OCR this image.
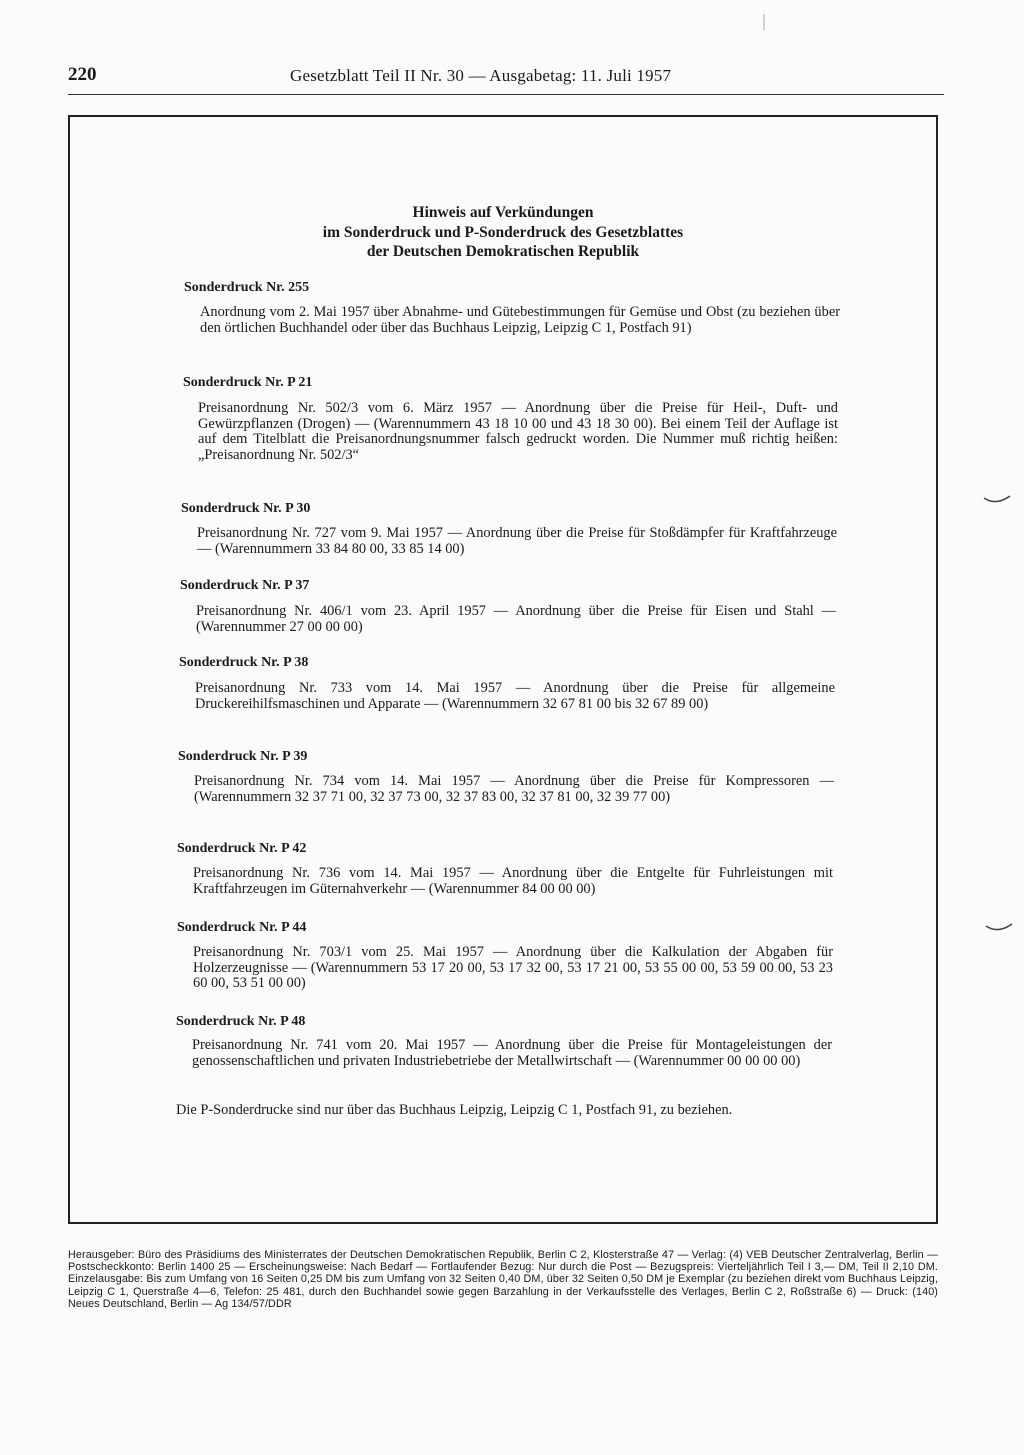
220	Gesetzblatt Teil II Nr. 30 — Ausgabetag: 11. Juli 1957
Hinweis auf Verkündungen
im Sonderdruck und P-Sonderdruck des Gesetzblattes
der Deutschen Demokratischen Republik
Sonderdruck Nr. 255
Anordnung vom 2. Mai 1957 über Abnahme- und Gütebestimmungen für Gemüse und Obst (zu beziehen über den örtlichen Buchhandel oder über das Buchhaus Leipzig, Leipzig C 1, Postfach 91)
Sonderdruck Nr. P 21
Preisanordnung Nr. 502/3 vom 6. März 1957 — Anordnung über die Preise für Heil-, Duft- und Gewürzpflanzen (Drogen) — (Warennummern 43 18 10 00 und 43 18 30 00). Bei einem Teil der Auflage ist auf dem Titelblatt die Preisanordnungsnummer falsch gedruckt worden. Die Nummer muß richtig heißen: „Preisanordnung Nr. 502/3“
Sonderdruck Nr. P 30
Preisanordnung Nr. 727 vom 9. Mai 1957 — Anordnung über die Preise für Stoßdämpfer für Kraftfahrzeuge — (Warennummern 33 84 80 00, 33 85 14 00)
Sonderdruck Nr. P 37
Preisanordnung Nr. 406/1 vom 23. April 1957 — Anordnung über die Preise für Eisen und Stahl — (Warennummer 27 00 00 00)
Sonderdruck Nr. P 38
Preisanordnung Nr. 733 vom 14. Mai 1957 — Anordnung über die Preise für allgemeine Druckereihilfsmaschinen und Apparate — (Warennummern 32 67 81 00 bis 32 67 89 00)
Sonderdruck Nr. P 39
Preisanordnung Nr. 734 vom 14. Mai 1957 — Anordnung über die Preise für Kompressoren — (Warennummern 32 37 71 00, 32 37 73 00, 32 37 83 00, 32 37 81 00, 32 39 77 00)
Sonderdruck Nr. P 42
Preisanordnung Nr. 736 vom 14. Mai 1957 — Anordnung über die Entgelte für Fuhrleistungen mit Kraftfahrzeugen im Güternahverkehr — (Warennummer 84 00 00 00)
Sonderdruck Nr. P 44
Preisanordnung Nr. 703/1 vom 25. Mai 1957 — Anordnung über die Kalkulation der Abgaben für Holzerzeugnisse — (Warennummern 53 17 20 00, 53 17 32 00, 53 17 21 00, 53 55 00 00, 53 59 00 00, 53 23 60 00, 53 51 00 00)
Sonderdruck Nr. P 48
Preisanordnung Nr. 741 vom 20. Mai 1957 — Anordnung über die Preise für Montageleistungen der genossenschaftlichen und privaten Industriebetriebe der Metallwirtschaft — (Warennummer 00 00 00 00)
Die P-Sonderdrucke sind nur über das Buchhaus Leipzig, Leipzig C 1, Postfach 91, zu beziehen.
Herausgeber: Büro des Präsidiums des Ministerrates der Deutschen Demokratischen Republik, Berlin C 2, Klosterstraße 47 — Verlag: (4) VEB Deutscher Zentralverlag, Berlin — Postscheckkonto: Berlin 1400 25 — Erscheinungsweise: Nach Bedarf — Fortlaufender Bezug: Nur durch die Post — Bezugspreis: Vierteljährlich Teil I 3,— DM, Teil II 2,10 DM. Einzelausgabe: Bis zum Umfang von 16 Seiten 0,25 DM bis zum Umfang von 32 Seiten 0,40 DM, über 32 Seiten 0,50 DM je Exemplar (zu beziehen direkt vom Buchhaus Leipzig, Leipzig C 1, Querstraße 4—6, Telefon: 25 481, durch den Buchhandel sowie gegen Barzahlung in der Verkaufsstelle des Verlages, Berlin C 2, Roßstraße 6) — Druck: (140) Neues Deutschland, Berlin — Ag 134/57/DDR
